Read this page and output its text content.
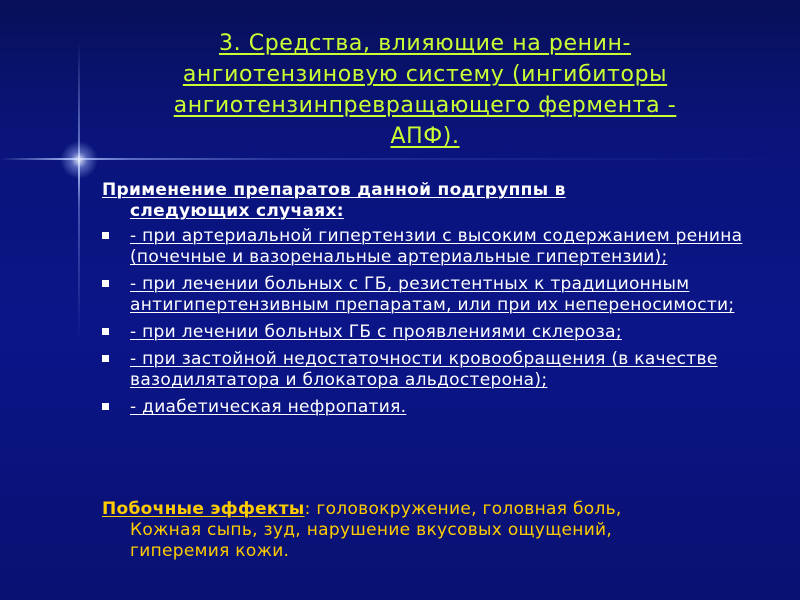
3. Средства, влияющие на ренин-
ангиотензиновую систему (ингибиторы
ангиотензинпревращающего фермента -
АПФ).
Применение препаратов данной подгруппы в
следующих случаях:
- при артериальной гипертензии с высоким содержанием ренина (почечные и вазоренальные артериальные гипертензии);
- при лечении больных с ГБ, резистентных к традиционным антигипертензивным препаратам, или при их непереносимости;
- при лечении больных ГБ с проявлениями склероза;
- при застойной недостаточности кровообращения (в качестве вазодилятатора и блокатора альдостерона);
- диабетическая нефропатия.
Побочные эффекты: головокружение, головная боль,
Кожная сыпь, зуд, нарушение вкусовых ощущений,
гиперемия кожи.
